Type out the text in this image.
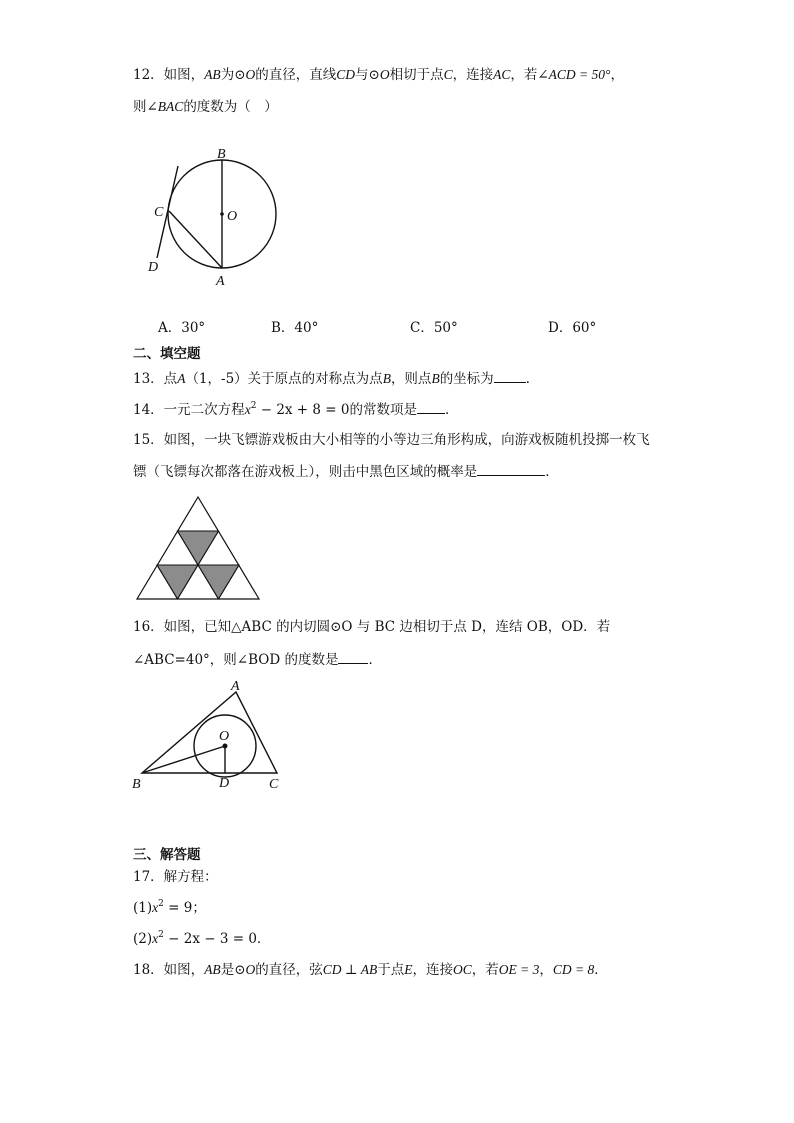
12．如图，AB为⊙O的直径，直线CD与⊙O相切于点C，连接AC，若∠ACD = 50°，
则∠BAC的度数为（　）
B
C	O
D
A
A．30°	B．40°	C．50°	D．60°
二、填空题
13．点A（1，-5）关于原点的对称点为点B，则点B的坐标为 ．
14．一元二次方程$x^2 - 2x + 8 = 0$的常数项是 ．
15．如图，一块飞镖游戏板由大小相等的小等边三角形构成，向游戏板随机投掷一枚飞
镖（飞镖每次都落在游戏板上），则击中黑色区域的概率是	．
16．如图，已知△ABC 的内切圆⊙O 与 BC 边相切于点 D，连结 OB，OD．若
∠ABC=40°，则∠BOD 的度数是 ．
A
O
B	D	C
三、解答题
17．解方程：
$(1)x^2 = 9$；
$(2)x^2 - 2x - 3 = 0$．
18．如图，AB是⊙O的直径，弦CD ⊥ AB于点E，连接OC，若OE = 3，CD = 8．
